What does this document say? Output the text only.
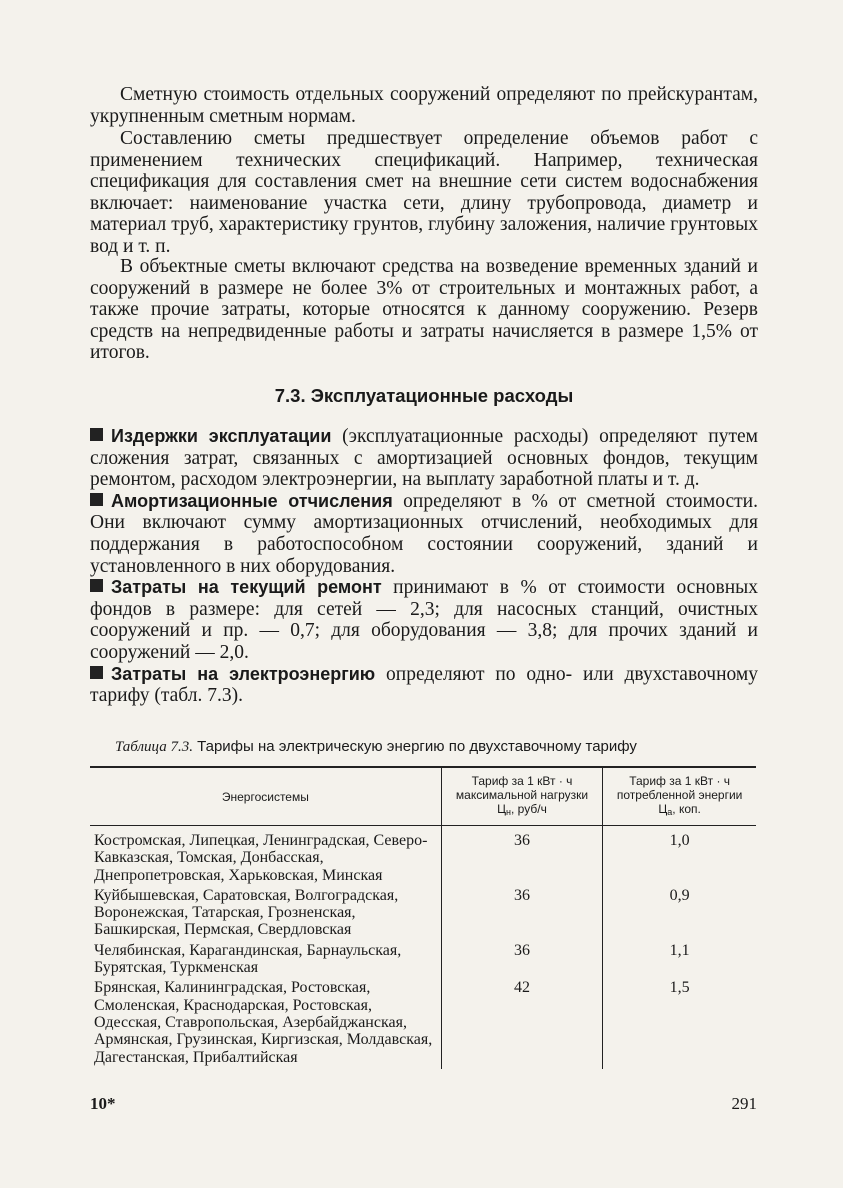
Сметную стоимость отдельных сооружений определяют по прейскурантам, укрупненным сметным нормам.

Составлению сметы предшествует определение объемов работ с применением технических спецификаций. Например, техническая спецификация для составления смет на внешние сети систем водоснабжения включает: наименование участка сети, длину трубопровода, диаметр и материал труб, характеристику грунтов, глубину заложения, наличие грунтовых вод и т. п.

В объектные сметы включают средства на возведение временных зданий и сооружений в размере не более 3% от строительных и монтажных работ, а также прочие затраты, которые относятся к данному сооружению. Резерв средств на непредвиденные работы и затраты начисляется в размере 1,5% от итогов.

7.3. Эксплуатационные расходы

Издержки эксплуатации (эксплуатационные расходы) определяют путем сложения затрат, связанных с амортизацией основных фондов, текущим ремонтом, расходом электроэнергии, на выплату заработной платы и т. д.

Амортизационные отчисления определяют в % от сметной стоимости. Они включают сумму амортизационных отчислений, необходимых для поддержания в работоспособном состоянии сооружений, зданий и установленного в них оборудования.

Затраты на текущий ремонт принимают в % от стоимости основных фондов в размере: для сетей — 2,3; для насосных станций, очистных сооружений и пр. — 0,7; для оборудования — 3,8; для прочих зданий и сооружений — 2,0.

Затраты на электроэнергию определяют по одно- или двухставочному тарифу (табл. 7.3).

Таблица 7.3. Тарифы на электрическую энергию по двухставочному тарифу
Энергосистемы	Тариф за 1 кВт · ч максимальной нагрузки $Ц_н$, руб/ч	Тариф за 1 кВт · ч потребленной энергии $Ц_а$, коп.
Костромская, Липецкая, Ленинградская, Северо-Кавказская, Томская, Донбасская, Днепропетровская, Харьковская, Минская	36	1,0
Куйбышевская, Саратовская, Волгоградская, Воронежская, Татарская, Грозненская, Башкирская, Пермская, Свердловская	36	0,9
Челябинская, Карагандинская, Барнаульская, Бурятская, Туркменская	36	1,1
Брянская, Калининградская, Ростовская, Смоленская, Краснодарская, Ростовская, Одесская, Ставропольская, Азербайджанская, Армянская, Грузинская, Киргизская, Молдавская, Дагестанская, Прибалтийская	42	1,5
10*	291
